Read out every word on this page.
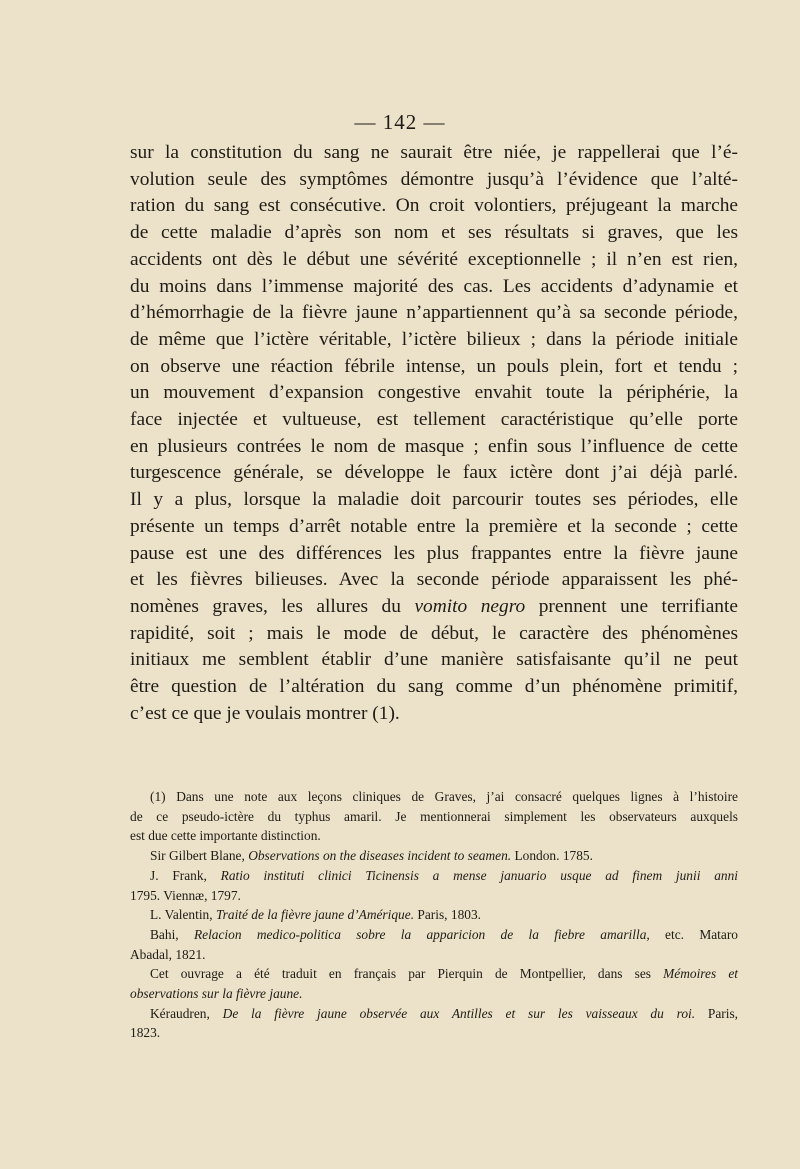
— 142 —
sur la constitution du sang ne saurait être niée, je rappellerai que l’é-
volution seule des symptômes démontre jusqu’à l’évidence que l’alté-
ration du sang est consécutive. On croit volontiers, préjugeant la marche
de cette maladie d’après son nom et ses résultats si graves, que les
accidents ont dès le début une sévérité exceptionnelle ; il n’en est rien,
du moins dans l’immense majorité des cas. Les accidents d’adynamie et
d’hémorrhagie de la fièvre jaune n’appartiennent qu’à sa seconde période,
de même que l’ictère véritable, l’ictère bilieux ; dans la période initiale
on observe une réaction fébrile intense, un pouls plein, fort et tendu ;
un mouvement d’expansion congestive envahit toute la périphérie, la
face injectée et vultueuse, est tellement caractéristique qu’elle porte
en plusieurs contrées le nom de masque ; enfin sous l’influence de cette
turgescence générale, se développe le faux ictère dont j’ai déjà parlé.
Il y a plus, lorsque la maladie doit parcourir toutes ses périodes, elle
présente un temps d’arrêt notable entre la première et la seconde ; cette
pause est une des différences les plus frappantes entre la fièvre jaune
et les fièvres bilieuses. Avec la seconde période apparaissent les phé-
nomènes graves, les allures du vomito negro prennent une terrifiante
rapidité, soit ; mais le mode de début, le caractère des phénomènes
initiaux me semblent établir d’une manière satisfaisante qu’il ne peut
être question de l’altération du sang comme d’un phénomène primitif,
c’est ce que je voulais montrer (1).
(1) Dans une note aux leçons cliniques de Graves, j’ai consacré quelques lignes à l’histoire
de ce pseudo-ictère du typhus amaril. Je mentionnerai simplement les observateurs auxquels
est due cette importante distinction.
Sir Gilbert Blane, Observations on the diseases incident to seamen. London. 1785.
J. Frank, Ratio instituti clinici Ticinensis a mense januario usque ad finem junii anni
1795. Viennæ, 1797.
L. Valentin, Traité de la fièvre jaune d’Amérique. Paris, 1803.
Bahi, Relacion medico-politica sobre la apparicion de la fiebre amarilla, etc. Mataro
Abadal, 1821.
Cet ouvrage a été traduit en français par Pierquin de Montpellier, dans ses Mémoires et
observations sur la fièvre jaune.
Kéraudren, De la fièvre jaune observée aux Antilles et sur les vaisseaux du roi. Paris,
1823.
